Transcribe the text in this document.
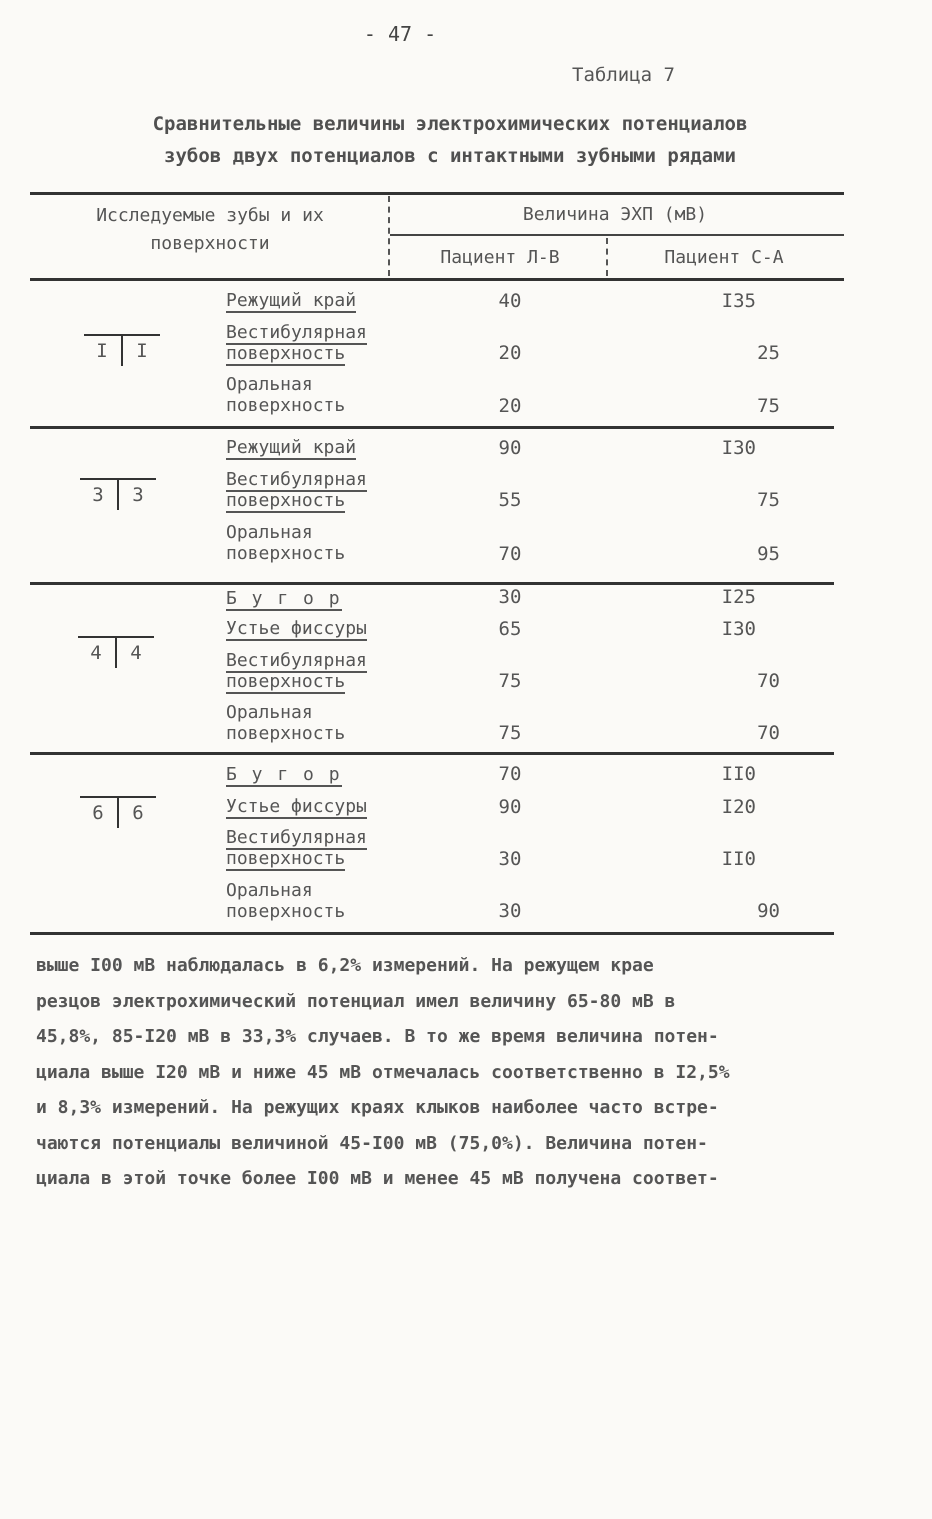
- 47 -
Таблица 7
Сравнительные величины электрохимических потенциалов
зубов двух потенциалов с интактными зубными рядами
Исследуемые зубы и их поверхности
Величина ЭХП (мВ)
Пациент Л-В	Пациент С-А
I	I
Режущий край	40	I35
Вестибулярная поверхность	20	25
Оральная поверхность	20	75
3	3
Режущий край	90	I30
Вестибулярная поверхность	55	75
Оральная поверхность	70	95
4	4
Б у г о р	30	I25
Устье фиссуры	65	I30
Вестибулярная поверхность	75	70
Оральная поверхность	75	70
6	6
Б у г о р	70	II0
Устье фиссуры	90	I20
Вестибулярная поверхность	30	II0
Оральная поверхность	30	90

выше I00 мВ наблюдалась в 6,2% измерений. На режущем крае

резцов электрохимический потенциал имел величину 65-80 мВ в

45,8%, 85-I20 мВ в 33,3% случаев. В то же время величина потен-

циала выше I20 мВ и ниже 45 мВ отмечалась соответственно в I2,5%

и 8,3% измерений. На режущих краях клыков наиболее часто встре-

чаются потенциалы величиной 45-I00 мВ (75,0%). Величина потен-

циала в этой точке более I00 мВ и менее 45 мВ получена соответ-
